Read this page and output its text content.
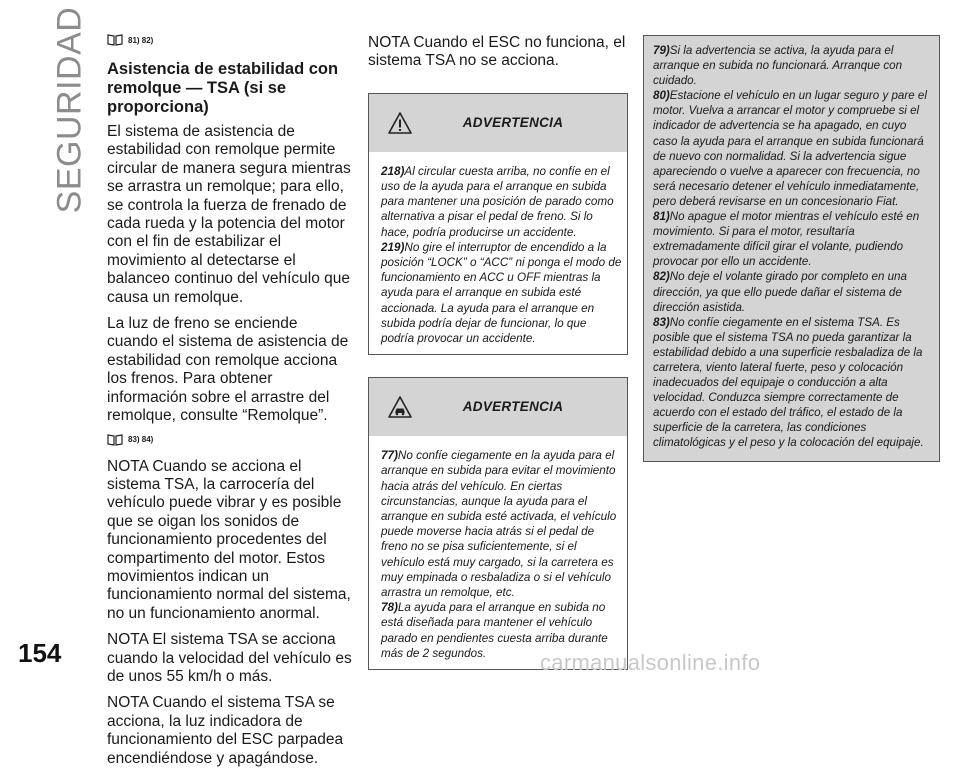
SEGURIDAD	81) 82)
Asistencia de estabilidad con remolque — TSA (si se proporciona)

El sistema de asistencia de estabilidad con remolque permite circular de manera segura mientras se arrastra un remolque; para ello, se controla la fuerza de frenado de cada rueda y la potencia del motor con el fin de estabilizar el movimiento al detectarse el balanceo continuo del vehículo que causa un remolque.

La luz de freno se enciende cuando el sistema de asistencia de estabilidad con remolque acciona los frenos. Para obtener información sobre el arrastre del remolque, consulte “Remolque”.

83) 84)

NOTA Cuando se acciona el sistema TSA, la carrocería del vehículo puede vibrar y es posible que se oigan los sonidos de funcionamiento procedentes del compartimento del motor. Estos movimientos indican un funcionamiento normal del sistema, no un funcionamiento anormal.

NOTA El sistema TSA se acciona cuando la velocidad del vehículo es de unos 55 km/h o más.

NOTA Cuando el sistema TSA se acciona, la luz indicadora de funcionamiento del ESC parpadea encendiéndose y apagándose.

NOTA Cuando el ESC no funciona, el sistema TSA no se acciona.

ADVERTENCIA

218)Al circular cuesta arriba, no confíe en el uso de la ayuda para el arranque en subida para mantener una posición de parado como alternativa a pisar el pedal de freno. Si lo hace, podría producirse un accidente.

219)No gire el interruptor de encendido a la posición “LOCK” o “ACC” ni ponga el modo de funcionamiento en ACC u OFF mientras la ayuda para el arranque en subida esté accionada. La ayuda para el arranque en subida podría dejar de funcionar, lo que podría provocar un accidente.

ADVERTENCIA

77)No confíe ciegamente en la ayuda para el arranque en subida para evitar el movimiento hacia atrás del vehículo. En ciertas circunstancias, aunque la ayuda para el arranque en subida esté activada, el vehículo puede moverse hacia atrás si el pedal de freno no se pisa suficientemente, si el vehículo está muy cargado, si la carretera es muy empinada o resbaladiza o si el vehículo arrastra un remolque, etc.

78)La ayuda para el arranque en subida no está diseñada para mantener el vehículo parado en pendientes cuesta arriba durante más de 2 segundos.

79)Si la advertencia se activa, la ayuda para el arranque en subida no funcionará. Arranque con cuidado.

80)Estacione el vehículo en un lugar seguro y pare el motor. Vuelva a arrancar el motor y compruebe si el indicador de advertencia se ha apagado, en cuyo caso la ayuda para el arranque en subida funcionará de nuevo con normalidad. Si la advertencia sigue apareciendo o vuelve a aparecer con frecuencia, no será necesario detener el vehículo inmediatamente, pero deberá revisarse en un concesionario Fiat.

81)No apague el motor mientras el vehículo esté en movimiento. Si para el motor, resultaría extremadamente difícil girar el volante, pudiendo provocar por ello un accidente.

82)No deje el volante girado por completo en una dirección, ya que ello puede dañar el sistema de dirección asistida.

83)No confíe ciegamente en el sistema TSA. Es posible que el sistema TSA no pueda garantizar la estabilidad debido a una superficie resbaladiza de la carretera, viento lateral fuerte, peso y colocación inadecuados del equipaje o conducción a alta velocidad. Conduzca siempre correctamente de acuerdo con el estado del tráfico, el estado de la superficie de la carretera, las condiciones climatológicas y el peso y la colocación del equipaje.

154	carmanualsonline.info
